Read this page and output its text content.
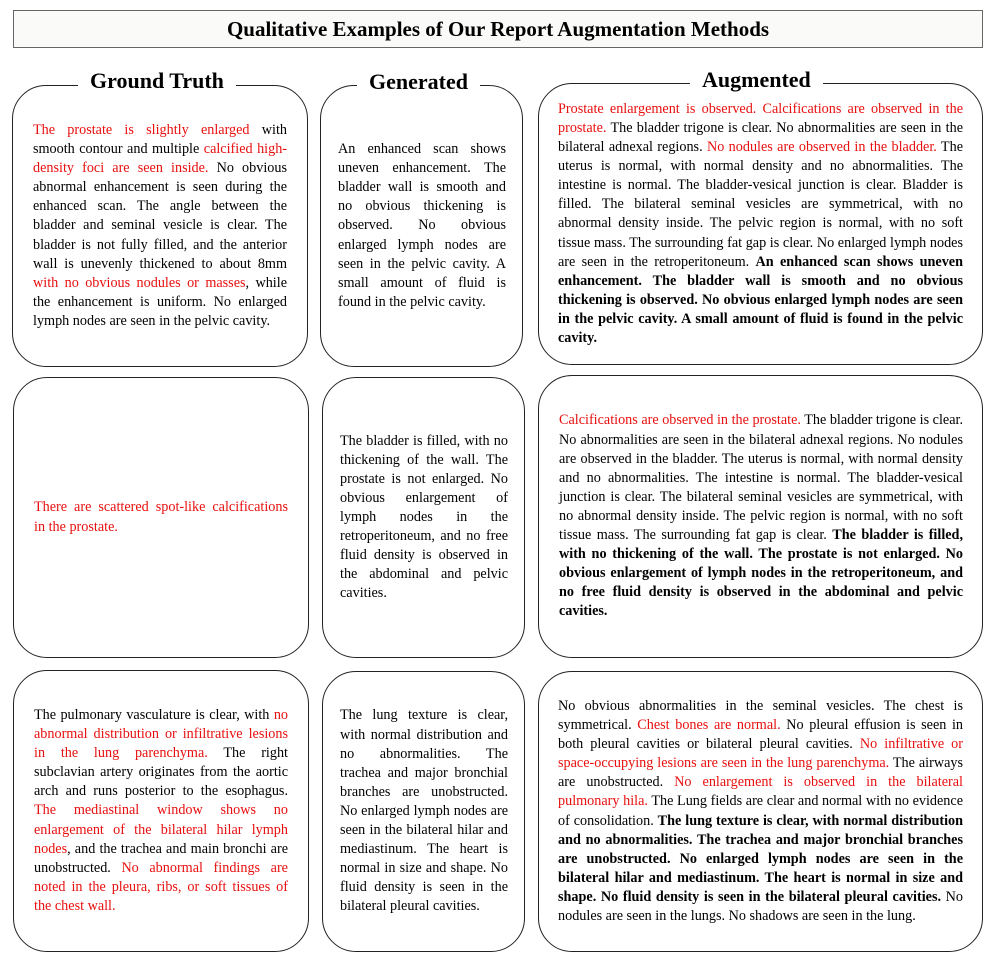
Qualitative Examples of Our Report Augmentation Methods
Ground Truth	Generated	Augmented
The prostate is slightly enlarged with smooth contour and multiple calcified high-density foci are seen inside. No obvious abnormal enhancement is seen during the enhanced scan. The angle between the bladder and seminal vesicle is clear. The bladder is not fully filled, and the anterior wall is unevenly thickened to about 8mm with no obvious nodules or masses, while the enhancement is uniform. No enlarged lymph nodes are seen in the pelvic cavity.
An enhanced scan shows uneven enhancement. The bladder wall is smooth and no obvious thickening is observed. No obvious enlarged lymph nodes are seen in the pelvic cavity. A small amount of fluid is found in the pelvic cavity.
Prostate enlargement is observed. Calcifications are observed in the prostate. The bladder trigone is clear. No abnormalities are seen in the bilateral adnexal regions. No nodules are observed in the bladder. The uterus is normal, with normal density and no abnormalities. The intestine is normal. The bladder-vesical junction is clear. Bladder is filled. The bilateral seminal vesicles are symmetrical, with no abnormal density inside. The pelvic region is normal, with no soft tissue mass. The surrounding fat gap is clear. No enlarged lymph nodes are seen in the retroperitoneum. An enhanced scan shows uneven enhancement. The bladder wall is smooth and no obvious thickening is observed. No obvious enlarged lymph nodes are seen in the pelvic cavity. A small amount of fluid is found in the pelvic cavity.
There are scattered spot-like calcifications in the prostate.
The bladder is filled, with no thickening of the wall. The prostate is not enlarged. No obvious enlargement of lymph nodes in the retroperitoneum, and no free fluid density is observed in the abdominal and pelvic cavities.
Calcifications are observed in the prostate. The bladder trigone is clear. No abnormalities are seen in the bilateral adnexal regions. No nodules are observed in the bladder. The uterus is normal, with normal density and no abnormalities. The intestine is normal. The bladder-vesical junction is clear. The bilateral seminal vesicles are symmetrical, with no abnormal density inside. The pelvic region is normal, with no soft tissue mass. The surrounding fat gap is clear. The bladder is filled, with no thickening of the wall. The prostate is not enlarged. No obvious enlargement of lymph nodes in the retroperitoneum, and no free fluid density is observed in the abdominal and pelvic cavities.
The pulmonary vasculature is clear, with no abnormal distribution or infiltrative lesions in the lung parenchyma. The right subclavian artery originates from the aortic arch and runs posterior to the esophagus. The mediastinal window shows no enlargement of the bilateral hilar lymph nodes, and the trachea and main bronchi are unobstructed. No abnormal findings are noted in the pleura, ribs, or soft tissues of the chest wall.
The lung texture is clear, with normal distribution and no abnormalities. The trachea and major bronchial branches are unobstructed. No enlarged lymph nodes are seen in the bilateral hilar and mediastinum. The heart is normal in size and shape. No fluid density is seen in the bilateral pleural cavities.
No obvious abnormalities in the seminal vesicles. The chest is symmetrical. Chest bones are normal. No pleural effusion is seen in both pleural cavities or bilateral pleural cavities. No infiltrative or space-occupying lesions are seen in the lung parenchyma. The airways are unobstructed. No enlargement is observed in the bilateral pulmonary hila. The Lung fields are clear and normal with no evidence of consolidation. The lung texture is clear, with normal distribution and no abnormalities. The trachea and major bronchial branches are unobstructed. No enlarged lymph nodes are seen in the bilateral hilar and mediastinum. The heart is normal in size and shape. No fluid density is seen in the bilateral pleural cavities. No nodules are seen in the lungs. No shadows are seen in the lung.
